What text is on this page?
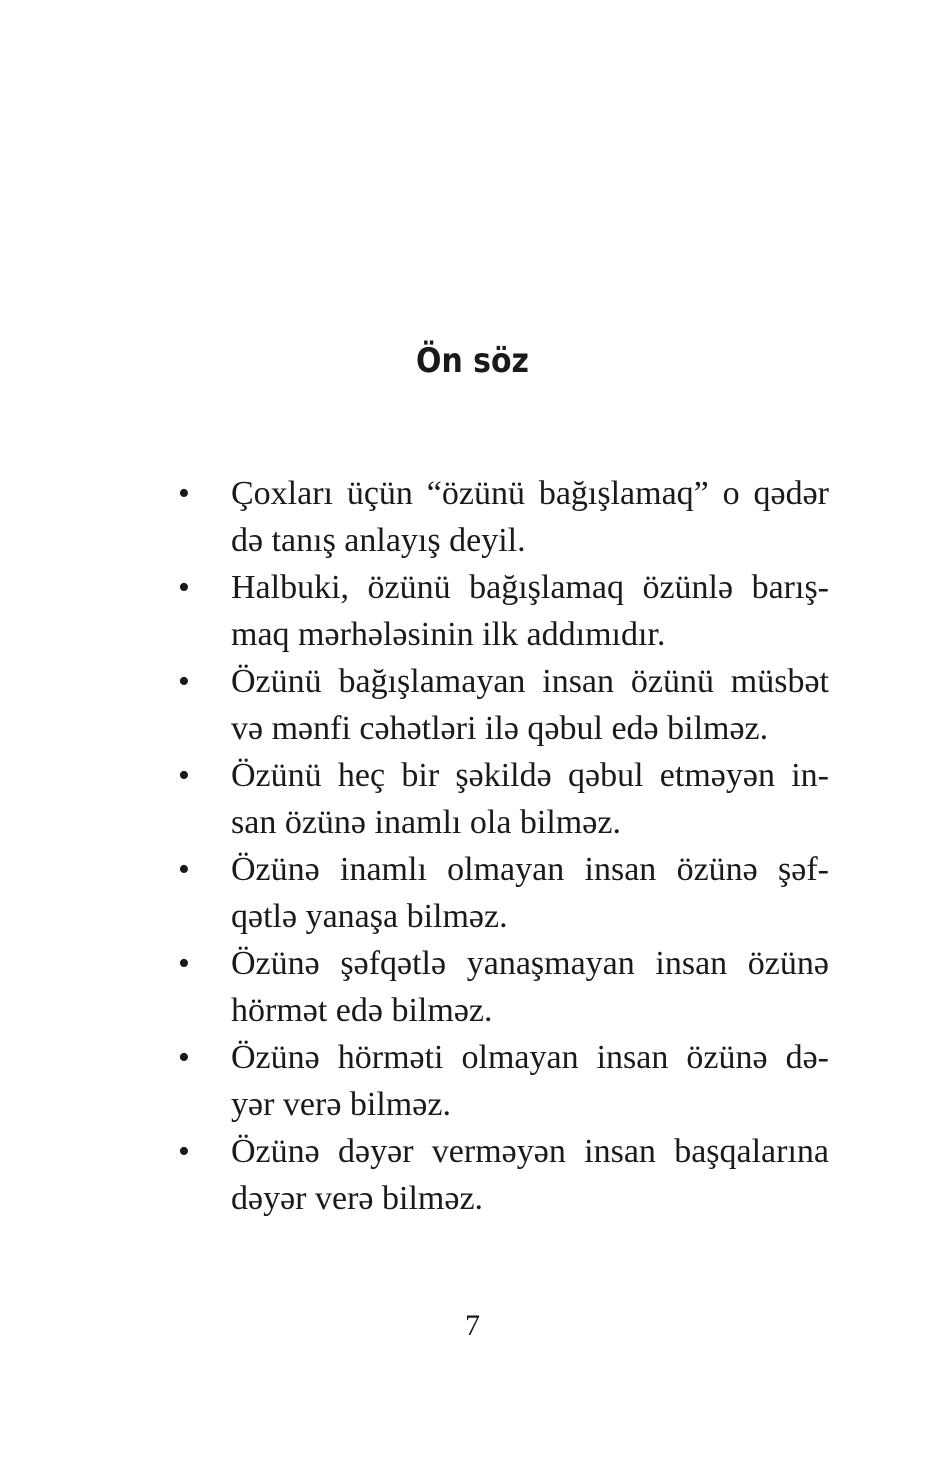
Ön söz
• Çoxları üçün “özünü bağışlamaq” o qədər
də tanış anlayış deyil.
• Halbuki, özünü bağışlamaq özünlə barış-
maq mərhələsinin ilk addımıdır.
• Özünü bağışlamayan insan özünü müsbət
və mənfi cəhətləri ilə qəbul edə bilməz.
• Özünü heç bir şəkildə qəbul etməyən in-
san özünə inamlı ola bilməz.
• Özünə inamlı olmayan insan özünə şəf-
qətlə yanaşa bilməz.
• Özünə şəfqətlə yanaşmayan insan özünə
hörmət edə bilməz.
• Özünə hörməti olmayan insan özünə də-
yər verə bilməz.
• Özünə dəyər verməyən insan başqalarına
dəyər verə bilməz.
7
